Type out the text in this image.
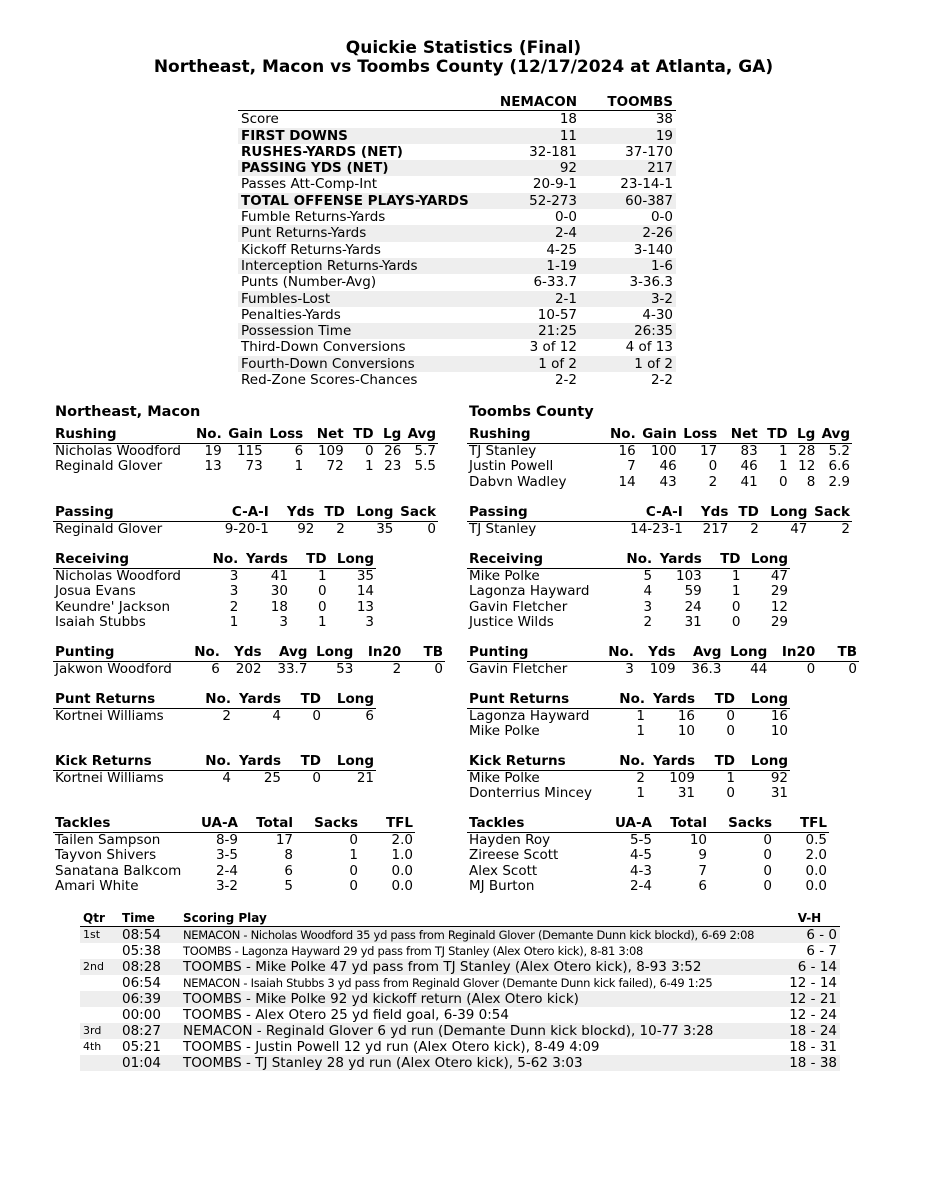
Quickie Statistics (Final)
Northeast, Macon vs Toombs County (12/17/2024 at Atlanta, GA)
	NEMACON	TOOMBS
Score	18	38
FIRST DOWNS	11	19
RUSHES-YARDS (NET)	32-181	37-170
PASSING YDS (NET)	92	217
Passes Att-Comp-Int	20-9-1	23-14-1
TOTAL OFFENSE PLAYS-YARDS	52-273	60-387
Fumble Returns-Yards	0-0	0-0
Punt Returns-Yards	2-4	2-26
Kickoff Returns-Yards	4-25	3-140
Interception Returns-Yards	1-19	1-6
Punts (Number-Avg)	6-33.7	3-36.3
Fumbles-Lost	2-1	3-2
Penalties-Yards	10-57	4-30
Possession Time	21:25	26:35
Third-Down Conversions	3 of 12	4 of 13
Fourth-Down Conversions	1 of 2	1 of 2
Red-Zone Scores-Chances	2-2	2-2
Northeast, Macon	Toombs County
Rushing	No.	Gain	Loss	Net	TD	Lg	Avg
Nicholas Woodford	19	115	6	109	0	26	5.7
Reginald Glover	13	73	1	72	1	23	5.5
Passing	C-A-I	Yds	TD	Long	Sack
Reginald Glover	9-20-1	92	2	35	0
Receiving	No.	Yards	TD	Long
Nicholas Woodford	3	41	1	35
Josua Evans	3	30	0	14
Keundre' Jackson	2	18	0	13
Isaiah Stubbs	1	3	1	3
Punting	No.	Yds	Avg	Long	In20	TB
Jakwon Woodford	6	202	33.7	53	2	0
Punt Returns	No.	Yards	TD	Long
Kortnei Williams	2	4	0	6
Kick Returns	No.	Yards	TD	Long
Kortnei Williams	4	25	0	21
Tackles	UA-A	Total	Sacks	TFL
Tailen Sampson	8-9	17	0	2.0
Tayvon Shivers	3-5	8	1	1.0
Sanatana Balkcom	2-4	6	0	0.0
Amari White	3-2	5	0	0.0
Rushing	No.	Gain	Loss	Net	TD	Lg	Avg
TJ Stanley	16	100	17	83	1	28	5.2
Justin Powell	7	46	0	46	1	12	6.6
Dabvn Wadley	14	43	2	41	0	8	2.9
Passing	C-A-I	Yds	TD	Long	Sack
TJ Stanley	14-23-1	217	2	47	2
Receiving	No.	Yards	TD	Long
Mike Polke	5	103	1	47
Lagonza Hayward	4	59	1	29
Gavin Fletcher	3	24	0	12
Justice Wilds	2	31	0	29
Punting	No.	Yds	Avg	Long	In20	TB
Gavin Fletcher	3	109	36.3	44	0	0
Punt Returns	No.	Yards	TD	Long
Lagonza Hayward	1	16	0	16
Mike Polke	1	10	0	10
Kick Returns	No.	Yards	TD	Long
Mike Polke	2	109	1	92
Donterrius Mincey	1	31	0	31
Tackles	UA-A	Total	Sacks	TFL
Hayden Roy	5-5	10	0	0.5
Zireese Scott	4-5	9	0	2.0
Alex Scott	4-3	7	0	0.0
MJ Burton	2-4	6	0	0.0
Qtr	Time	Scoring Play	V-H
1st	08:54	NEMACON - Nicholas Woodford 35 yd pass from Reginald Glover (Demante Dunn kick blockd), 6-69 2:08	6 - 0
	05:38	TOOMBS - Lagonza Hayward 29 yd pass from TJ Stanley (Alex Otero kick), 8-81 3:08	6 - 7
2nd	08:28	TOOMBS - Mike Polke 47 yd pass from TJ Stanley (Alex Otero kick), 8-93 3:52	6 - 14
	06:54	NEMACON - Isaiah Stubbs 3 yd pass from Reginald Glover (Demante Dunn kick failed), 6-49 1:25	12 - 14
	06:39	TOOMBS - Mike Polke 92 yd kickoff return (Alex Otero kick)	12 - 21
	00:00	TOOMBS - Alex Otero 25 yd field goal, 6-39 0:54	12 - 24
3rd	08:27	NEMACON - Reginald Glover 6 yd run (Demante Dunn kick blockd), 10-77 3:28	18 - 24
4th	05:21	TOOMBS - Justin Powell 12 yd run (Alex Otero kick), 8-49 4:09	18 - 31
	01:04	TOOMBS - TJ Stanley 28 yd run (Alex Otero kick), 5-62 3:03	18 - 38
